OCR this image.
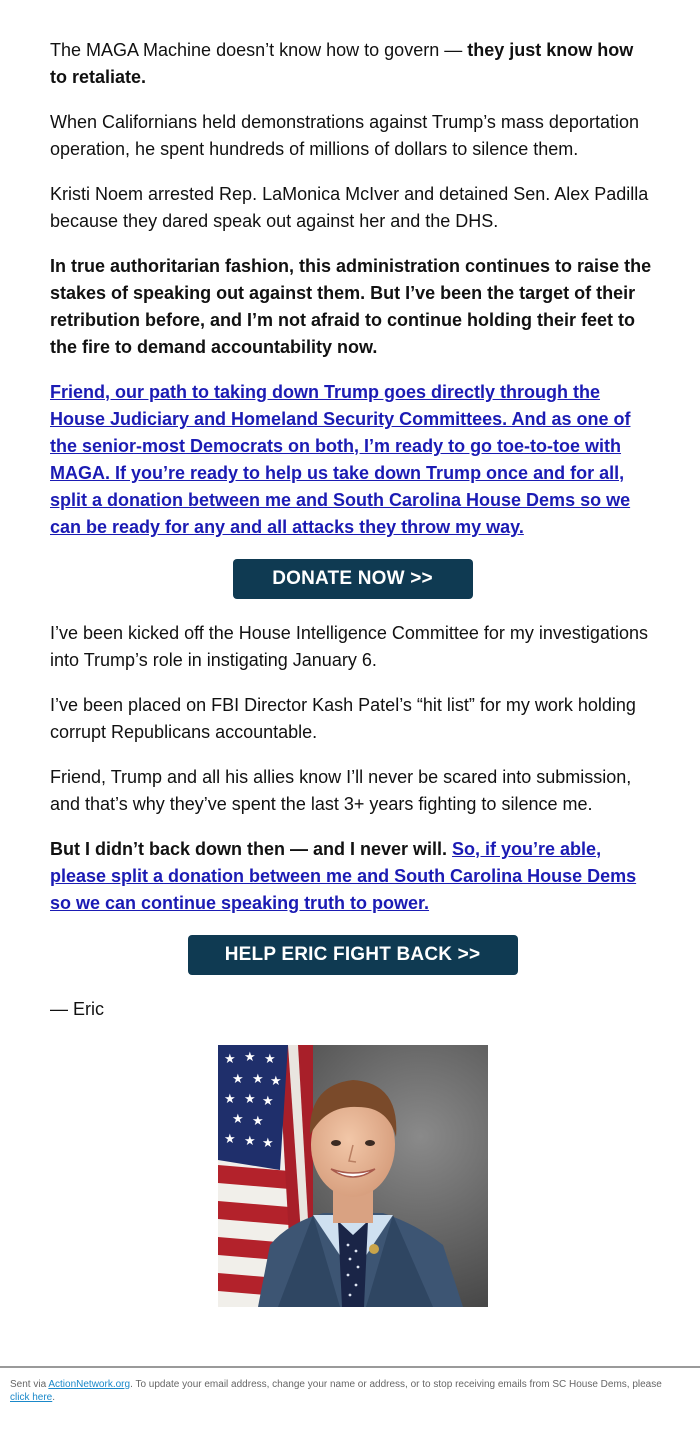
The MAGA Machine doesn’t know how to govern — they just know how to retaliate.

When Californians held demonstrations against Trump’s mass deportation operation, he spent hundreds of millions of dollars to silence them.

Kristi Noem arrested Rep. LaMonica McIver and detained Sen. Alex Padilla because they dared speak out against her and the DHS.

In true authoritarian fashion, this administration continues to raise the stakes of speaking out against them. But I’ve been the target of their retribution before, and I’m not afraid to continue holding their feet to the fire to demand accountability now.

Friend, our path to taking down Trump goes directly through the House Judiciary and Homeland Security Committees. And as one of the senior-most Democrats on both, I’m ready to go toe-to-toe with MAGA. If you’re ready to help us take down Trump once and for all, split a donation between me and South Carolina House Dems so we can be ready for any and all attacks they throw my way.

DONATE NOW >>

I’ve been kicked off the House Intelligence Committee for my investigations into Trump’s role in instigating January 6.

I’ve been placed on FBI Director Kash Patel’s “hit list” for my work holding corrupt Republicans accountable.

Friend, Trump and all his allies know I’ll never be scared into submission, and that’s why they’ve spent the last 3+ years fighting to silence me.

But I didn’t back down then — and I never will. So, if you’re able, please split a donation between me and South Carolina House Dems so we can continue speaking truth to power.

HELP ERIC FIGHT BACK >>

— Eric

★ ★ ★
★ ★ ★
★ ★ ★
★ ★
★ ★ ★
Sent via ActionNetwork.org. To update your email address, change your name or address, or to stop receiving emails from SC House Dems, please click here.
